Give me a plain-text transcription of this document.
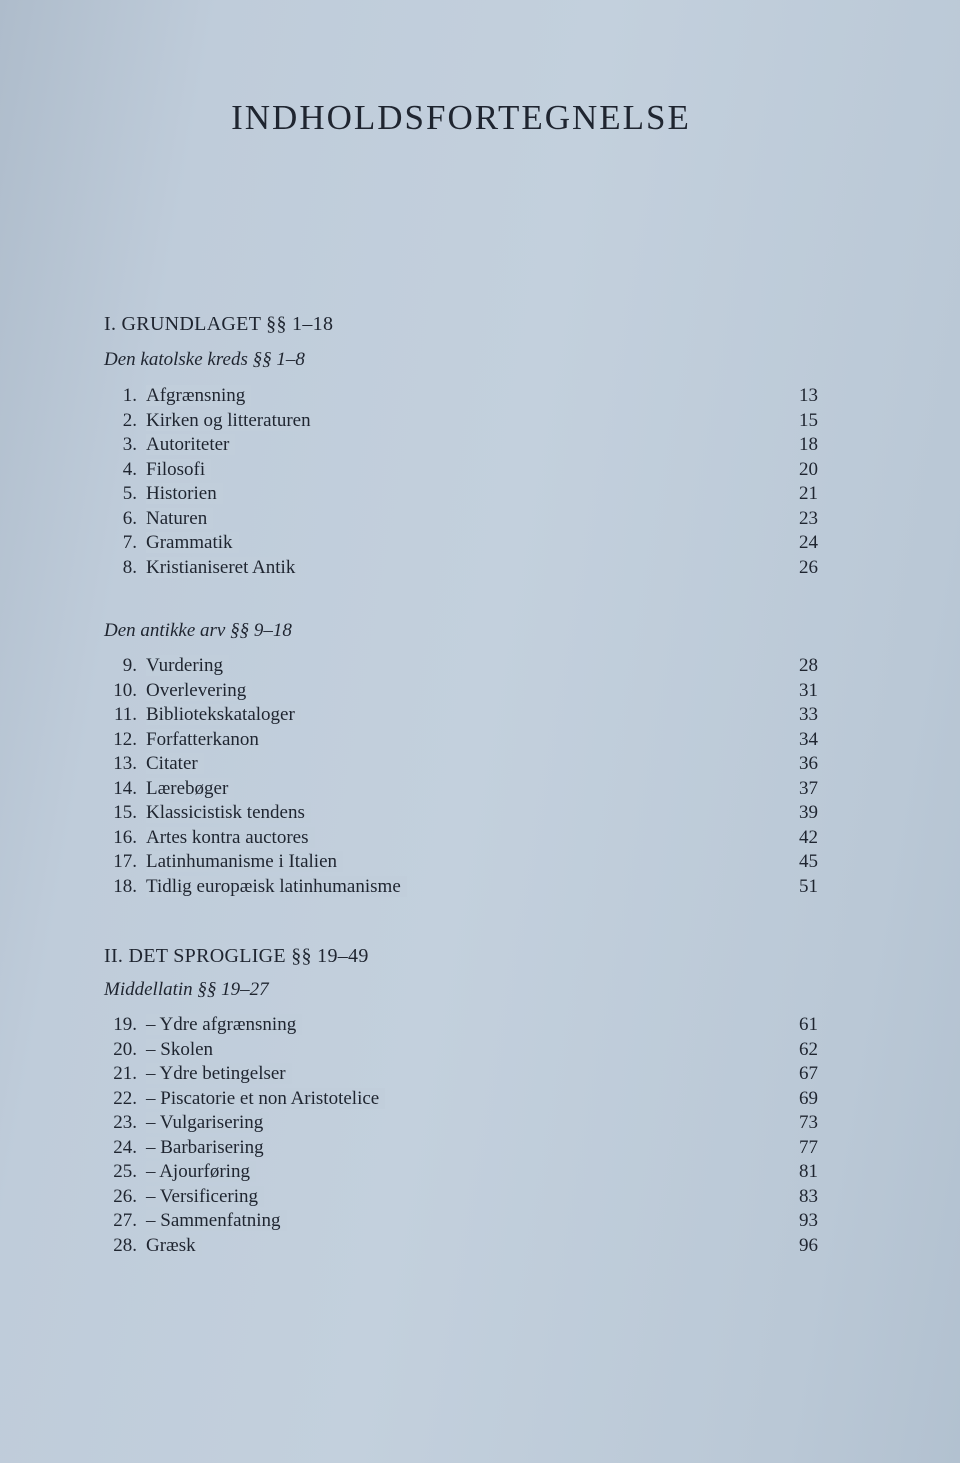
INDHOLDSFORTEGNELSE
I. GRUNDLAGET §§ 1–18
Den katolske kreds §§ 1–8
1. Afgrænsning	13
2. Kirken og litteraturen	15
3. Autoriteter	18
4. Filosofi	20
5. Historien	21
6. Naturen	23
7. Grammatik	24
8. Kristianiseret Antik	26
Den antikke arv §§ 9–18
9. Vurdering	28
10. Overlevering	31
11. Bibliotekskataloger	33
12. Forfatterkanon	34
13. Citater	36
14. Lærebøger	37
15. Klassicistisk tendens	39
16. Artes kontra auctores	42
17. Latinhumanisme i Italien	45
18. Tidlig europæisk latinhumanisme	51
II. DET SPROGLIGE §§ 19–49
Middellatin §§ 19–27
19. – Ydre afgrænsning	61
20. – Skolen	62
21. – Ydre betingelser	67
22. – Piscatorie et non Aristotelice	69
23. – Vulgarisering	73
24. – Barbarisering	77
25. – Ajourføring	81
26. – Versificering	83
27. – Sammenfatning	93
28. Græsk	96
